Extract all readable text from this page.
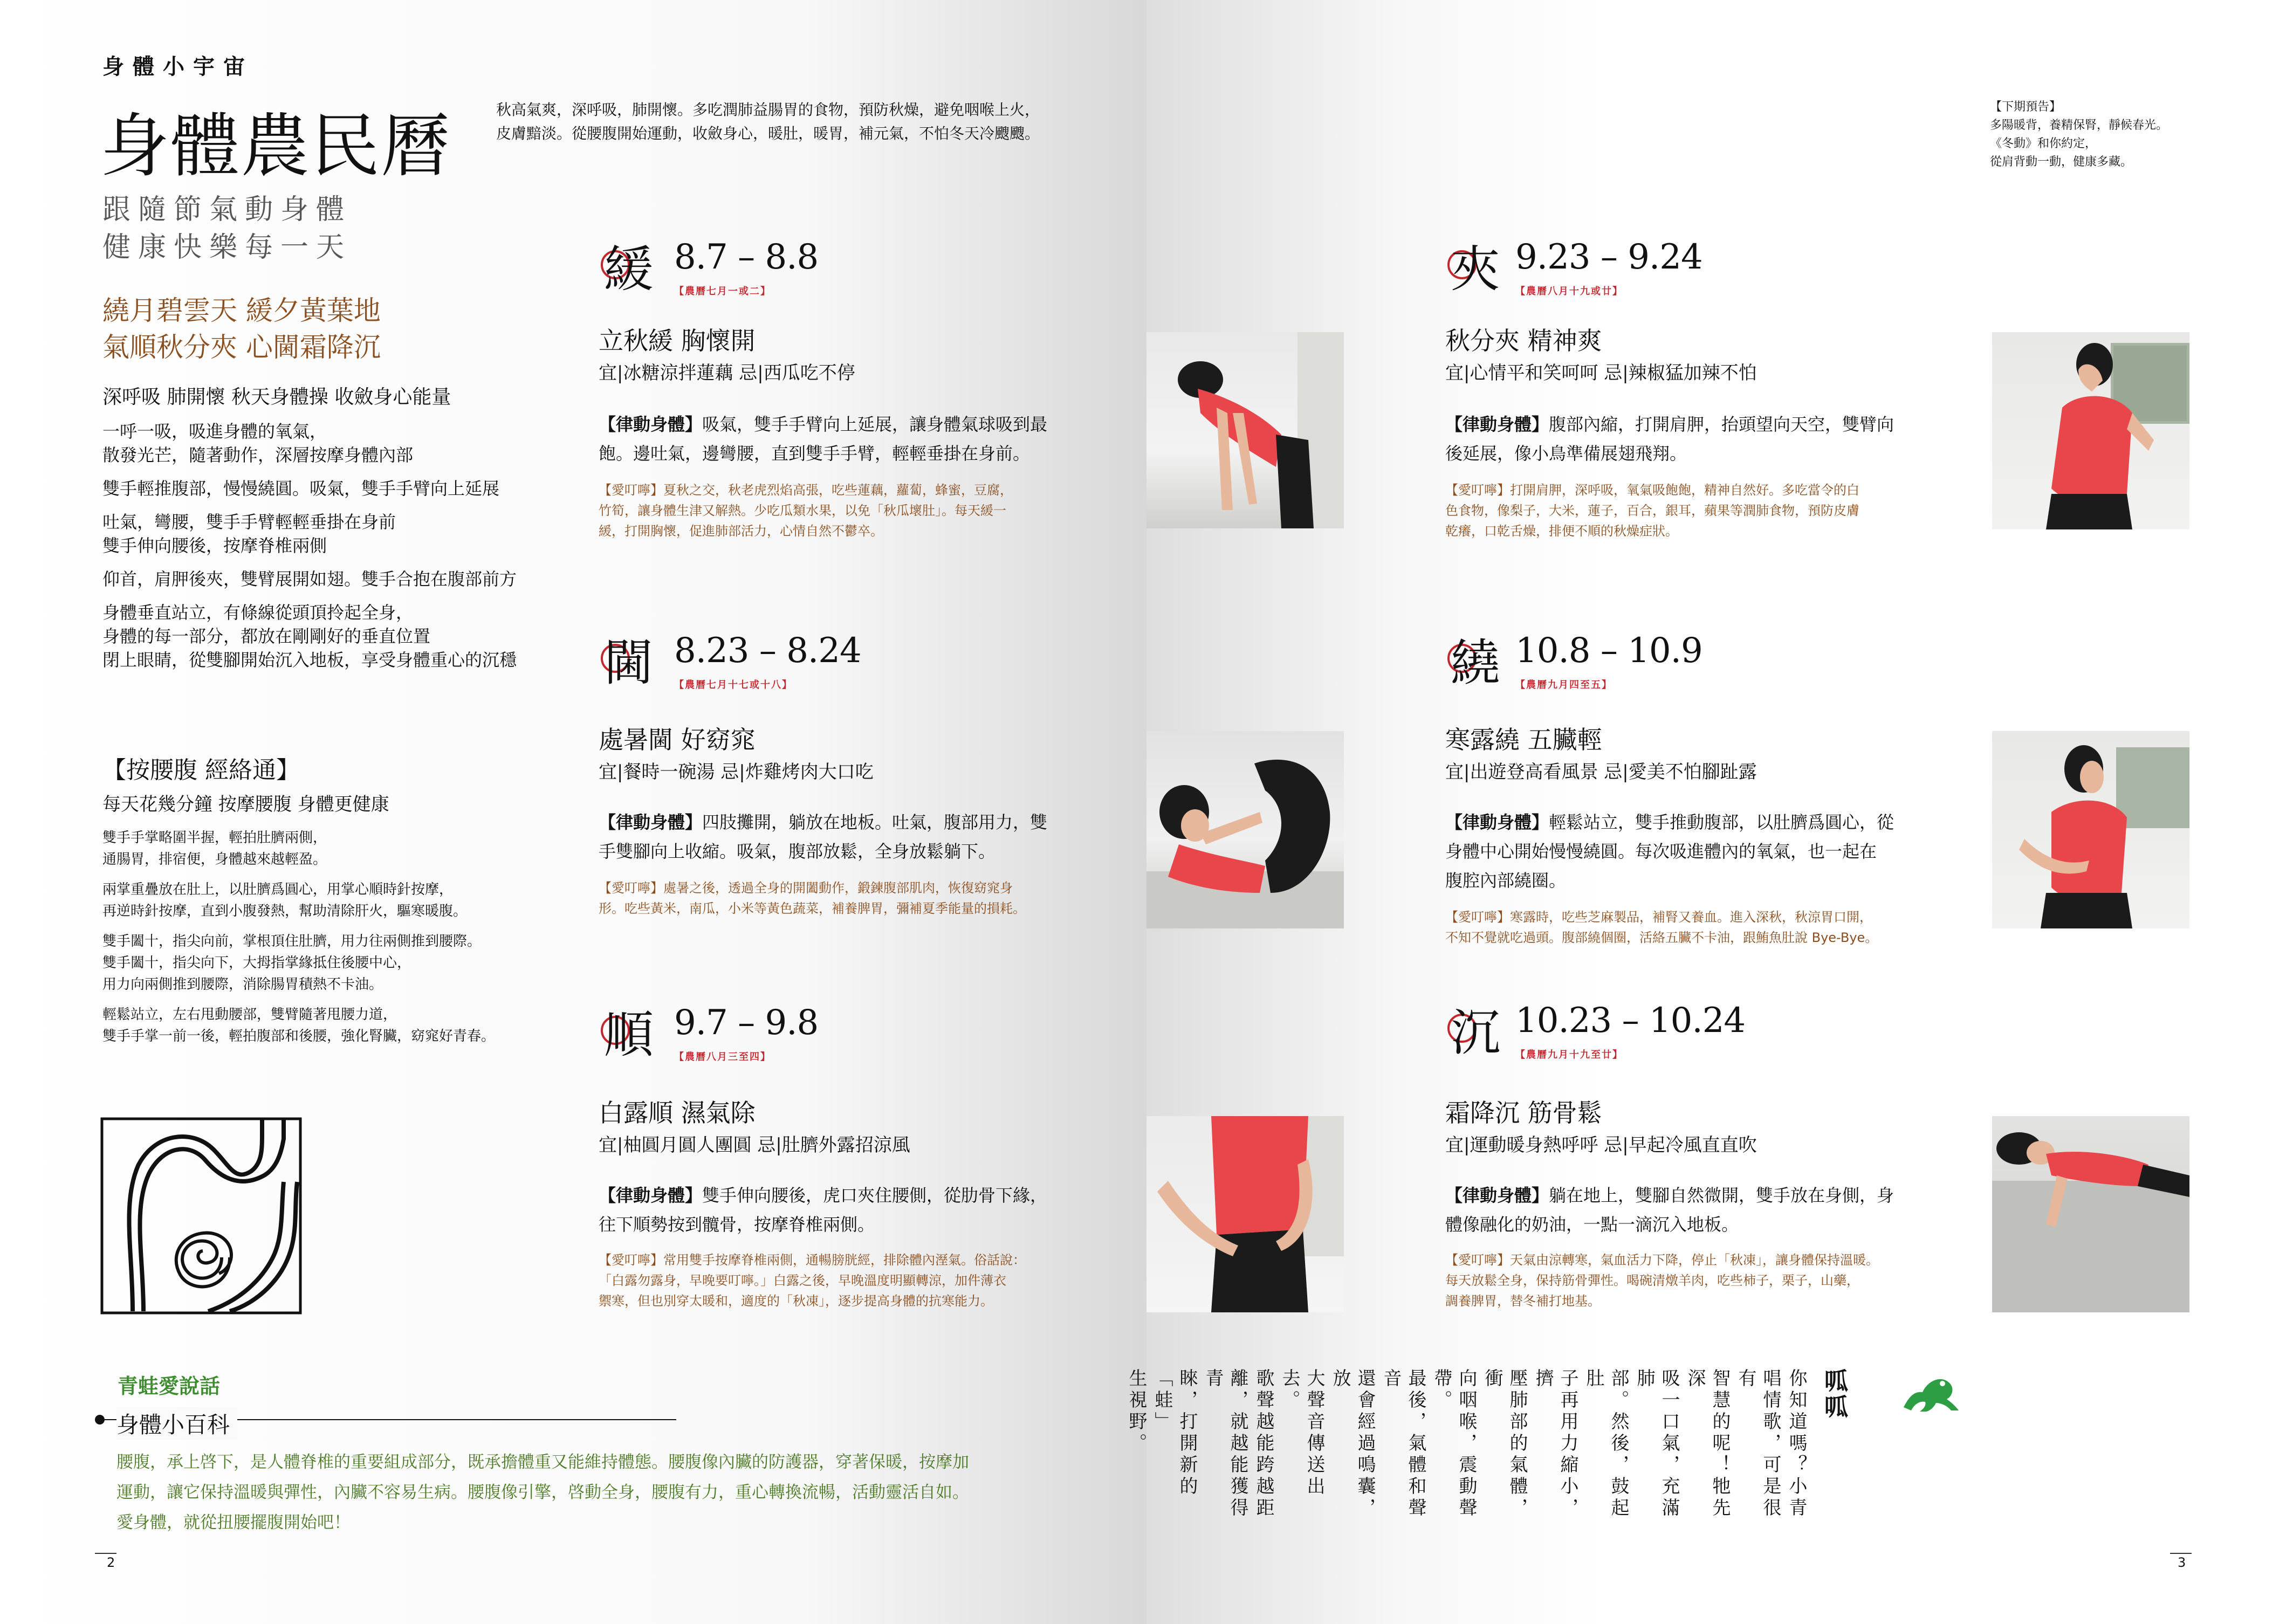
身體小宇宙
身體農民曆	秋高氣爽，深呼吸，肺開懷。多吃潤肺益腸胃的食物，預防秋燥，避免咽喉上火，
皮膚黯淡。從腰腹開始運動，收斂身心，暖肚，暖胃，補元氣，不怕冬天冷颼颼。
跟隨節氣動身體
健康快樂每一天
繞月碧雲天 緩夕黃葉地
氣順秋分夾 心閫霜降沉
深呼吸 肺開懷 秋天身體操 收斂身心能量
一呼一吸，吸進身體的氧氣，
散發光芒，隨著動作，深層按摩身體內部
雙手輕推腹部，慢慢繞圓。吸氣，雙手手臂向上延展
吐氣，彎腰，雙手手臂輕輕垂掛在身前
雙手伸向腰後，按摩脊椎兩側
仰首，肩胛後夾，雙臂展開如翅。雙手合抱在腹部前方
身體垂直站立，有條線從頭頂拎起全身，
身體的每一部分，都放在剛剛好的垂直位置
閉上眼睛，從雙腳開始沉入地板，享受身體重心的沉穩
【按腰腹 經絡通】
每天花幾分鐘 按摩腰腹 身體更健康
雙手手掌略圍半握，輕拍肚臍兩側，
通腸胃，排宿便，身體越來越輕盈。
兩掌重疊放在肚上，以肚臍爲圓心，用掌心順時針按摩，
再逆時針按摩，直到小腹發熱，幫助清除肝火，驅寒暖腹。
雙手闔十，指尖向前，掌根頂住肚臍，用力往兩側推到腰際。
雙手闔十，指尖向下，大拇指掌緣抵住後腰中心，
用力向兩側推到腰際，消除腸胃積熱不卡油。
輕鬆站立，左右甩動腰部，雙臂隨著甩腰力道，
雙手手掌一前一後，輕拍腹部和後腰，強化腎臟，窈窕好青春。
青蛙愛說話
身體小百科
腰腹，承上啓下，是人體脊椎的重要組成部分，既承擔體重又能維持體態。腰腹像內臟的防護器，穿著保暖，按摩加
運動，讓它保持溫暖與彈性，內臟不容易生病。腰腹像引擎，啓動全身，腰腹有力，重心轉換流暢，活動靈活自如。
愛身體，就從扭腰擺腹開始吧！
2
緩 8.7 – 8.8
【農曆七月一或二】
立秋緩 胸懷開
宜|冰糖涼拌蓮藕 忌|西瓜吃不停
【律動身體】吸氣，雙手手臂向上延展，讓身體氣球吸到最
飽。邊吐氣，邊彎腰，直到雙手手臂，輕輕垂掛在身前。
【愛叮嚀】夏秋之交，秋老虎烈焰高張，吃些蓮藕，蘿蔔，蜂蜜，豆腐，
竹筍，讓身體生津又解熱。少吃瓜類水果，以免「秋瓜壞肚」。每天緩一
緩，打開胸懷，促進肺部活力，心情自然不鬱卒。
閫 8.23 – 8.24
【農曆七月十七或十八】
處暑閫 好窈窕
宜|餐時一碗湯 忌|炸雞烤肉大口吃
【律動身體】四肢攤開，躺放在地板。吐氣，腹部用力，雙
手雙腳向上收縮。吸氣，腹部放鬆，全身放鬆躺下。
【愛叮嚀】處暑之後，透過全身的開闔動作，鍛鍊腹部肌肉，恢復窈窕身
形。吃些黃米，南瓜，小米等黃色蔬菜，補養脾胃，彌補夏季能量的損耗。
順 9.7 – 9.8
【農曆八月三至四】
白露順 濕氣除
宜|柚圓月圓人團圓 忌|肚臍外露招涼風
【律動身體】雙手伸向腰後，虎口夾住腰側，從肋骨下緣，
往下順勢按到髖骨，按摩脊椎兩側。
【愛叮嚀】常用雙手按摩脊椎兩側，通暢膀胱經，排除體內溼氣。俗話說：
「白露勿露身，早晚要叮嚀。」白露之後，早晚溫度明顯轉涼，加件薄衣
禦寒，但也別穿太暖和，適度的「秋凍」，逐步提高身體的抗寒能力。
【下期預告】
多陽暖背，養精保腎，靜候春光。
《冬動》和你約定，
從肩背動一動，健康多藏。
夾 9.23 – 9.24
【農曆八月十九或廿】
秋分夾 精神爽
宜|心情平和笑呵呵 忌|辣椒猛加辣不怕
【律動身體】腹部內縮，打開肩胛，抬頭望向天空，雙臂向
後延展，像小鳥準備展翅飛翔。
【愛叮嚀】打開肩胛，深呼吸，氧氣吸飽飽，精神自然好。多吃當令的白
色食物，像梨子，大米，蓮子，百合，銀耳，蘋果等潤肺食物，預防皮膚
乾癢，口乾舌燥，排便不順的秋燥症狀。
繞 10.8 – 10.9
【農曆九月四至五】
寒露繞 五臟輕
宜|出遊登高看風景 忌|愛美不怕腳趾露
【律動身體】輕鬆站立，雙手推動腹部，以肚臍爲圓心，從
身體中心開始慢慢繞圓。每次吸進體內的氧氣，也一起在
腹腔內部繞圈。
【愛叮嚀】寒露時，吃些芝麻製品，補腎又養血。進入深秋，秋涼胃口開，
不知不覺就吃過頭。腹部繞個圈，活絡五臟不卡油，跟鮪魚肚說 Bye-Bye。
沉 10.23 – 10.24
【農曆九月十九至廿】
霜降沉 筋骨鬆
宜|運動暖身熱呼呼 忌|早起冷風直直吹
【律動身體】躺在地上，雙腳自然微開，雙手放在身側，身
體像融化的奶油，一點一滴沉入地板。
【愛叮嚀】天氣由涼轉寒，氣血活力下降，停止「秋凍」，讓身體保持溫暖。
每天放鬆全身，保持筋骨彈性。喝碗清燉羊肉，吃些柿子，栗子，山藥，
調養脾胃，替冬補打地基。
呱呱
你知道嗎？小青
唱情歌，可是很有
智慧的呢！牠先深
吸一口氣，充滿肺
部。然後，鼓起肚
子再用力縮小，擠
壓肺部的氣體，衝
向咽喉，震動聲帶。
最後，氣體和聲音
還會經過鳴囊，放
大聲音傳送出去。
歌聲越能跨越距
離，就越能獲得青
睞，打開新的「蛙」
生視野。
3
